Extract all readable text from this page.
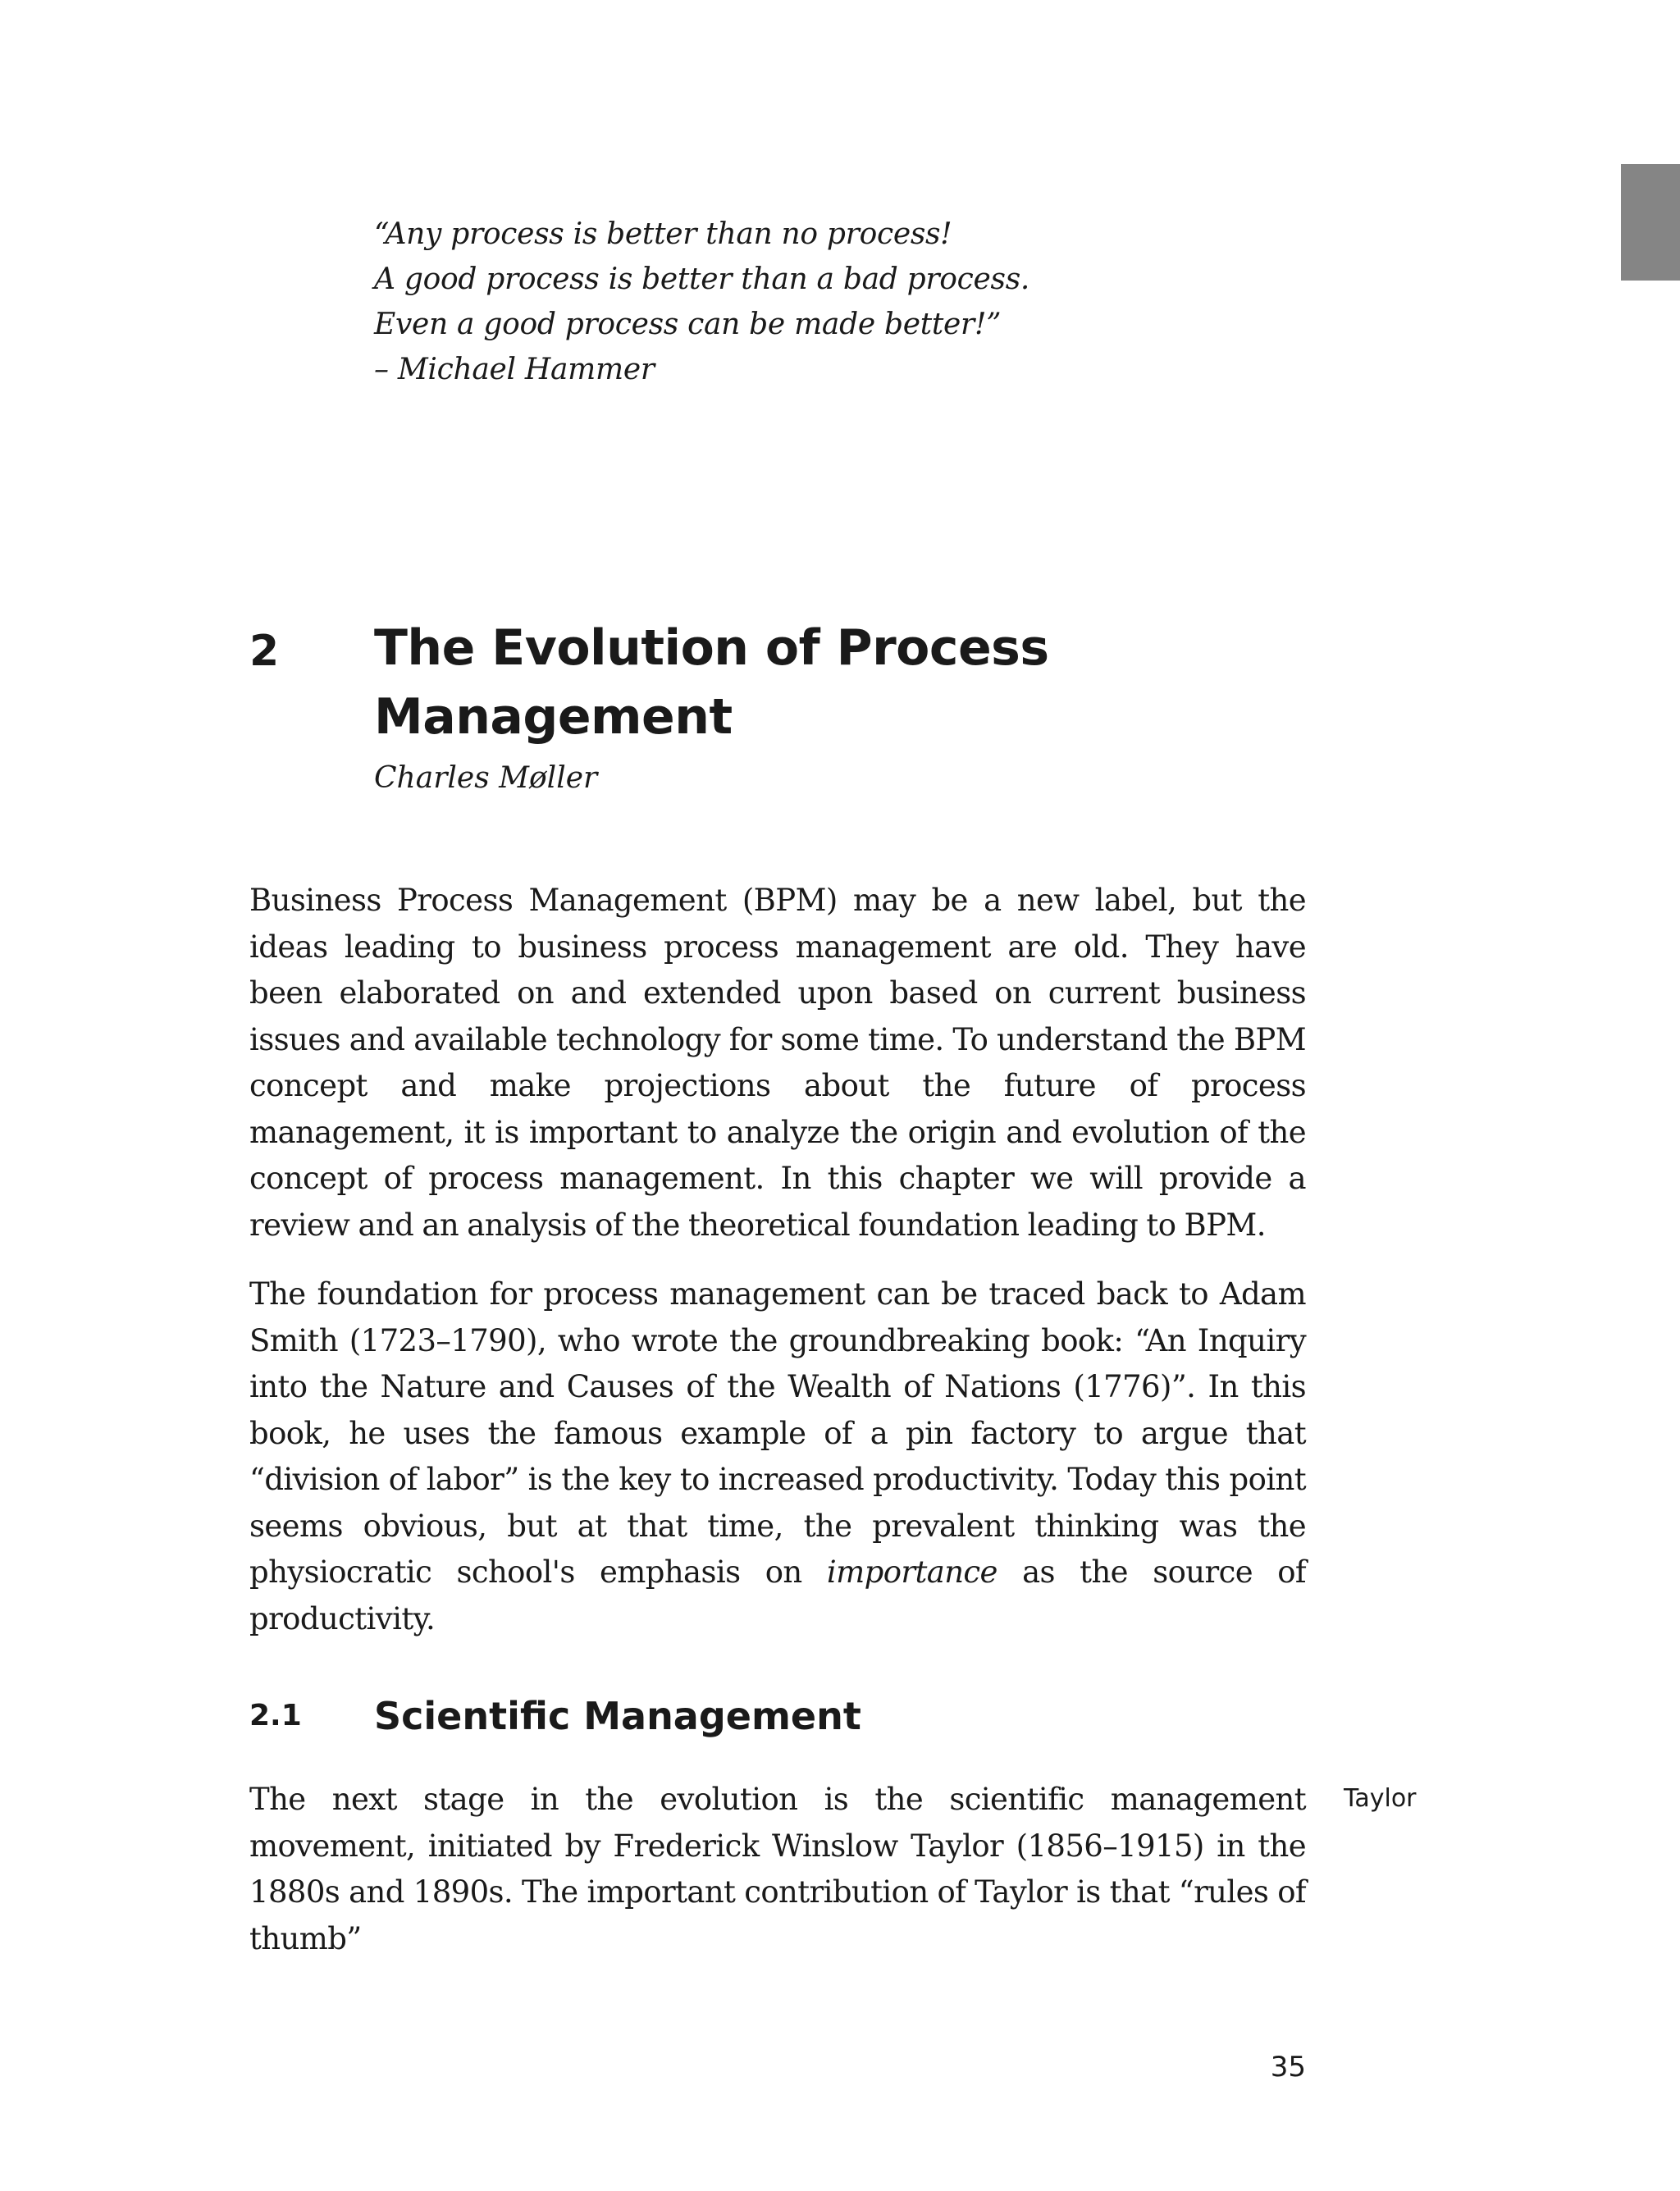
“Any process is better than no process!
A good process is better than a bad process.
Even a good process can be made better!”
– Michael Hammer
2 The Evolution of Process
Management
Charles Møller

Business Process Management (BPM) may be a new label, but the ideas leading to business process management are old. They have been elaborated on and extended upon based on current business issues and available technology for some time. To understand the BPM concept and make projections about the future of process management, it is important to analyze the origin and evolution of the concept of process management. In this chapter we will provide a review and an analysis of the theoretical foundation leading to BPM.

The foundation for process management can be traced back to Adam Smith (1723–1790), who wrote the groundbreaking book: “An Inquiry into the Nature and Causes of the Wealth of Nations (1776)”. In this book, he uses the famous example of a pin factory to argue that “division of labor” is the key to increased productivity. Today this point seems obvious, but at that time, the prevalent thinking was the physiocratic school's emphasis on importance as the source of productivity.

2.1 Scientific Management

The next stage in the evolution is the scientific management movement, initiated by Frederick Winslow Taylor (1856–1915) in the 1880s and 1890s. The important contribution of Taylor is that “rules of thumb”

Taylor
35
